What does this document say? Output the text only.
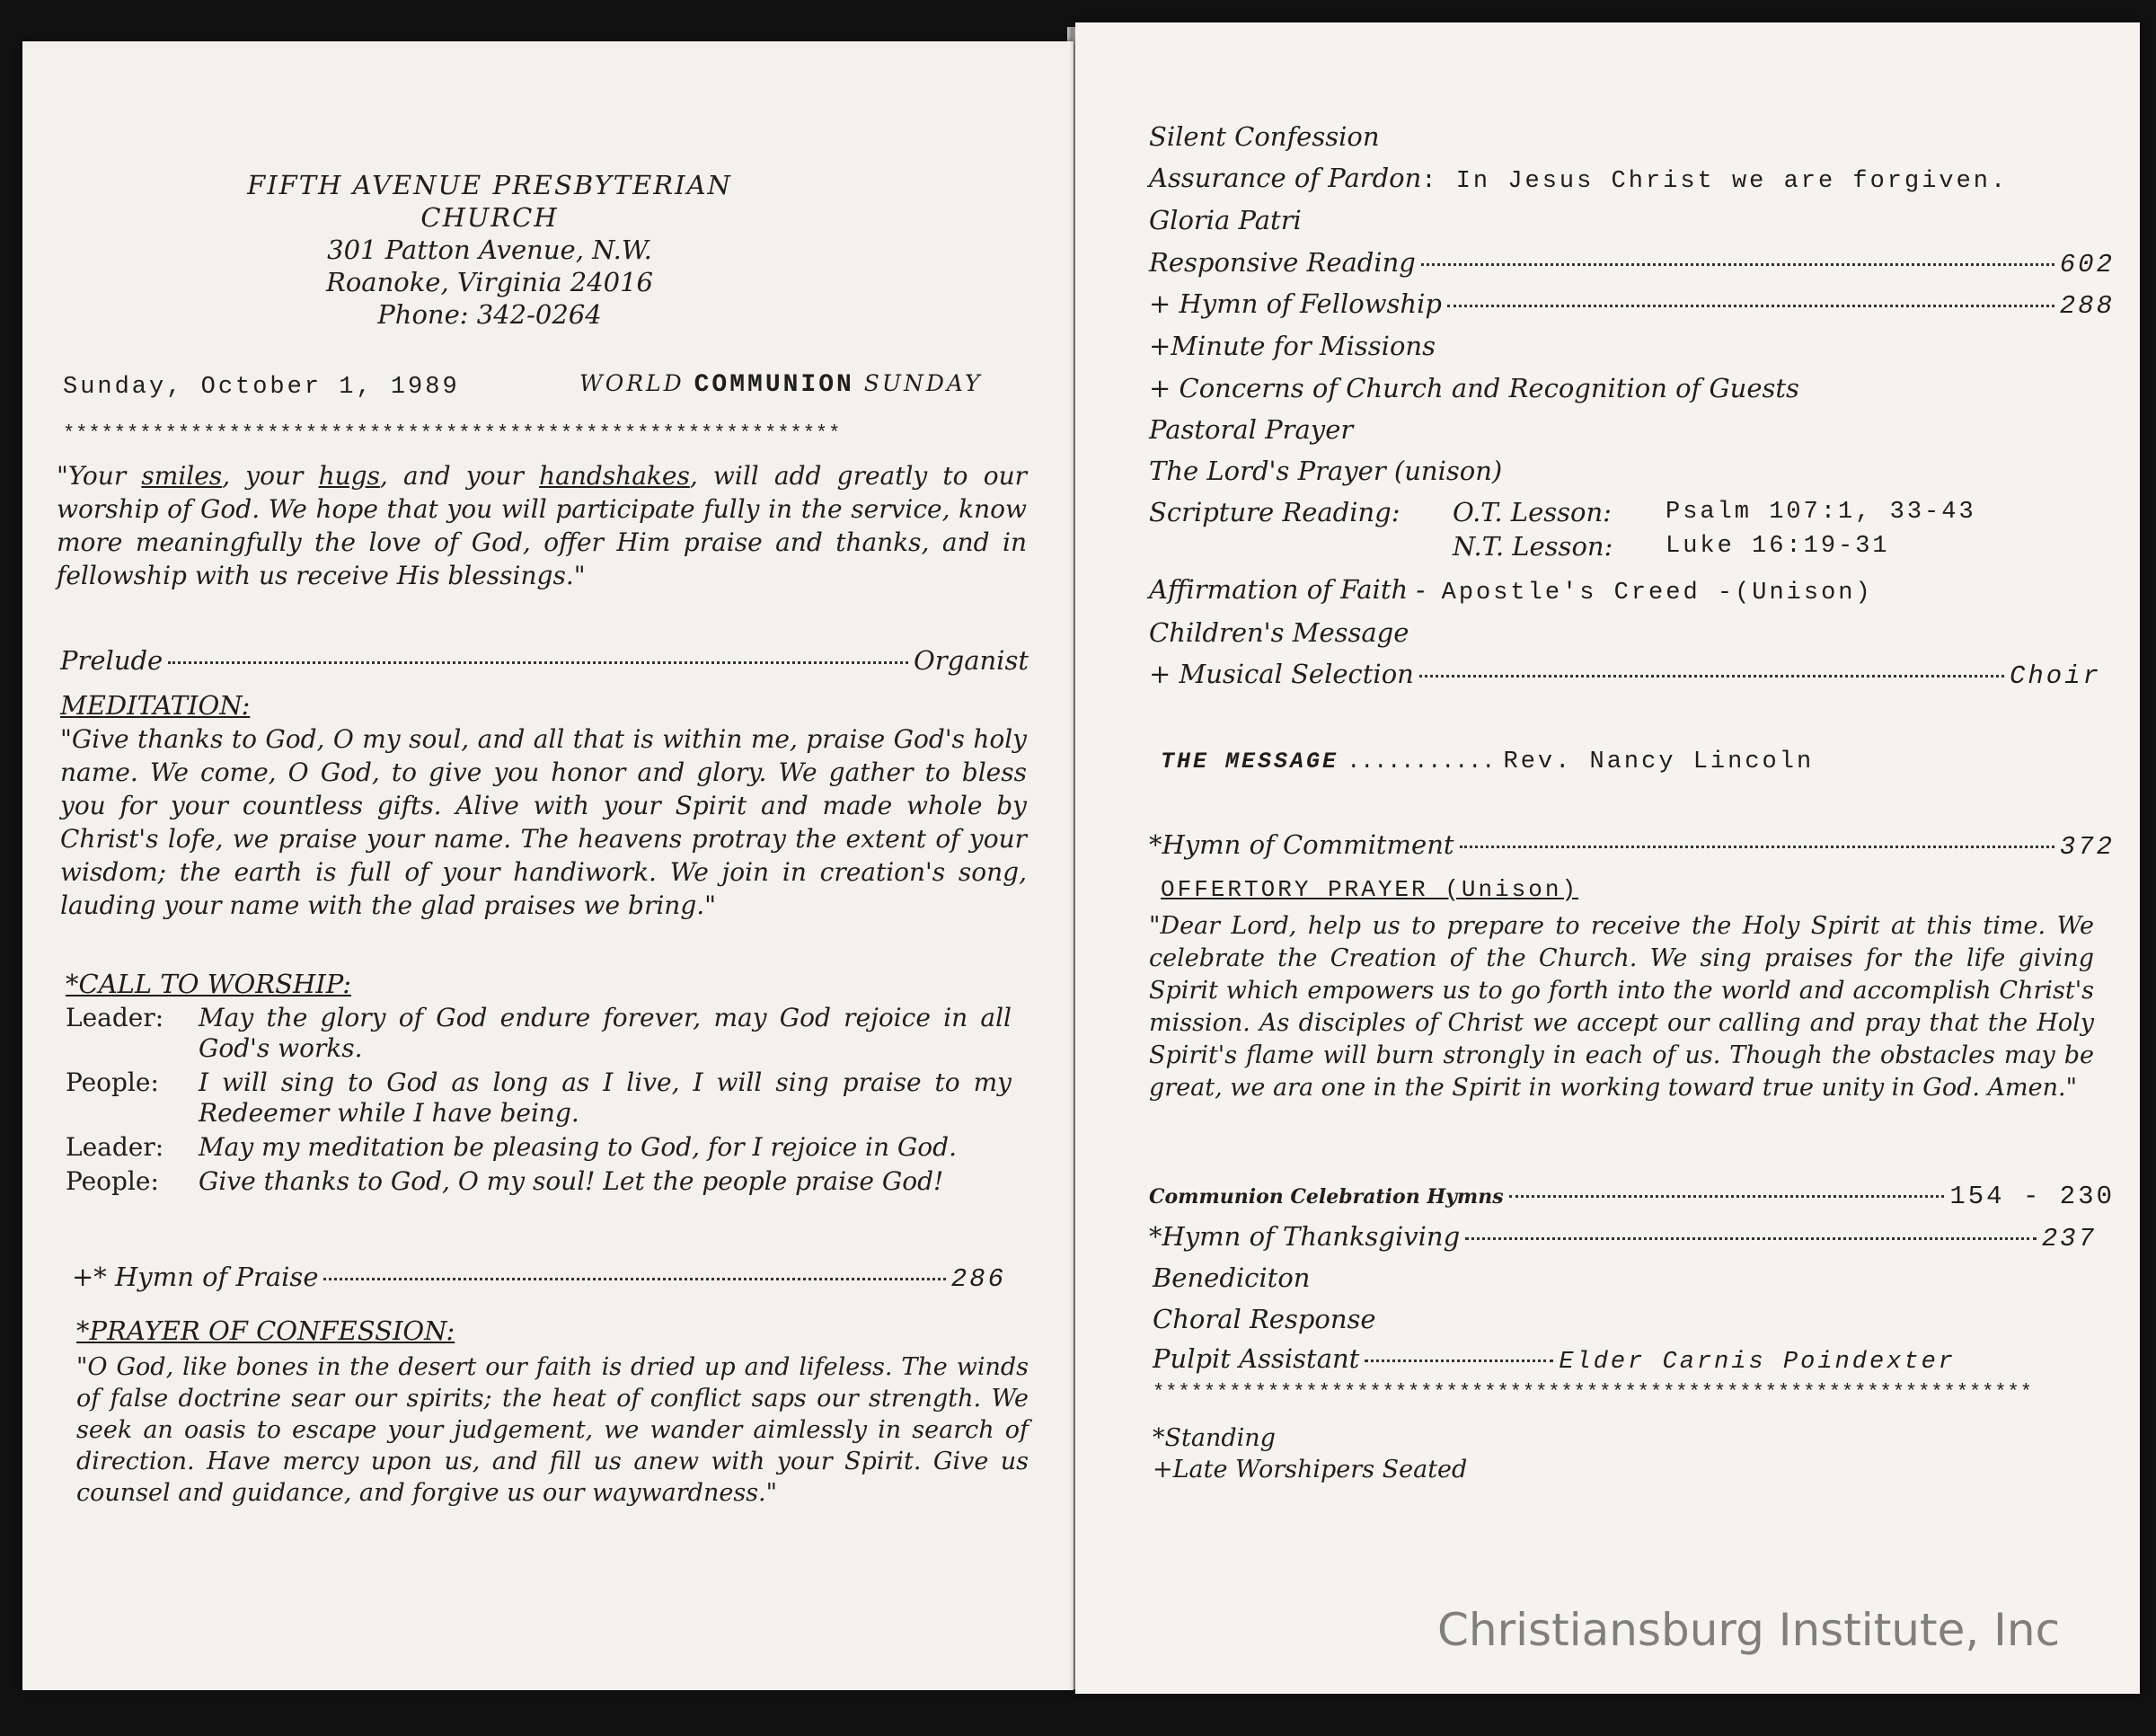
FIFTH AVENUE PRESBYTERIAN CHURCH
301 Patton Avenue, N.W.
Roanoke, Virginia 24016
Phone: 342-0264
Sunday, October 1, 1989	WORLD COMMUNION SUNDAY
*************************************************************
"Your smiles, your hugs, and your handshakes, will add greatly to our worship of God. We hope that you will participate fully in the service, know more meaningfully the love of God, offer Him praise and thanks, and in fellowship with us receive His blessings."
Prelude	Organist
MEDITATION:
"Give thanks to God, O my soul, and all that is within me, praise God's holy name. We come, O God, to give you honor and glory. We gather to bless you for your countless gifts. Alive with your Spirit and made whole by Christ's lofe, we praise your name. The heavens protray the extent of your wisdom; the earth is full of your handiwork. We join in creation's song, lauding your name with the glad praises we bring."
*CALL TO WORSHIP:
Leader: May the glory of God endure forever, may God rejoice in all God's works.
People: I will sing to God as long as I live, I will sing praise to my Redeemer while I have being.
Leader: May my meditation be pleasing to God, for I rejoice in God.
People: Give thanks to God, O my soul! Let the people praise God!
+* Hymn of Praise	286
*PRAYER OF CONFESSION:
"O God, like bones in the desert our faith is dried up and lifeless. The winds of false doctrine sear our spirits; the heat of conflict saps our strength. We seek an oasis to escape your judgement, we wander aimlessly in search of direction. Have mercy upon us, and fill us anew with your Spirit. Give us counsel and guidance, and forgive us our waywardness."
Silent Confession
Assurance of Pardon: In Jesus Christ we are forgiven.
Gloria Patri
Responsive Reading	602
+ Hymn of Fellowship	288
+Minute for Missions
+ Concerns of Church and Recognition of Guests
Pastoral Prayer
The Lord's Prayer (unison)
Scripture Reading: O.T. Lesson: Psalm 107:1, 33-43
N.T. Lesson: Luke 16:19-31
Affirmation of Faith - Apostle's Creed -(Unison)
Children's Message
+ Musical Selection	Choir
THE MESSAGE ........... Rev. Nancy Lincoln
*Hymn of Commitment	372
OFFERTORY PRAYER (Unison)
"Dear Lord, help us to prepare to receive the Holy Spirit at this time. We celebrate the Creation of the Church. We sing praises for the life giving Spirit which empowers us to go forth into the world and accomplish Christ's mission. As disciples of Christ we accept our calling and pray that the Holy Spirit's flame will burn strongly in each of us. Though the obstacles may be great, we ara one in the Spirit in working toward true unity in God. Amen."
Communion Celebration Hymns	154 - 230
*Hymn of Thanksgiving	237
Benediciton
Choral Response
Pulpit Assistant	Elder Carnis Poindexter
*********************************************************************
*Standing
+Late Worshipers Seated
Christiansburg Institute, Inc
